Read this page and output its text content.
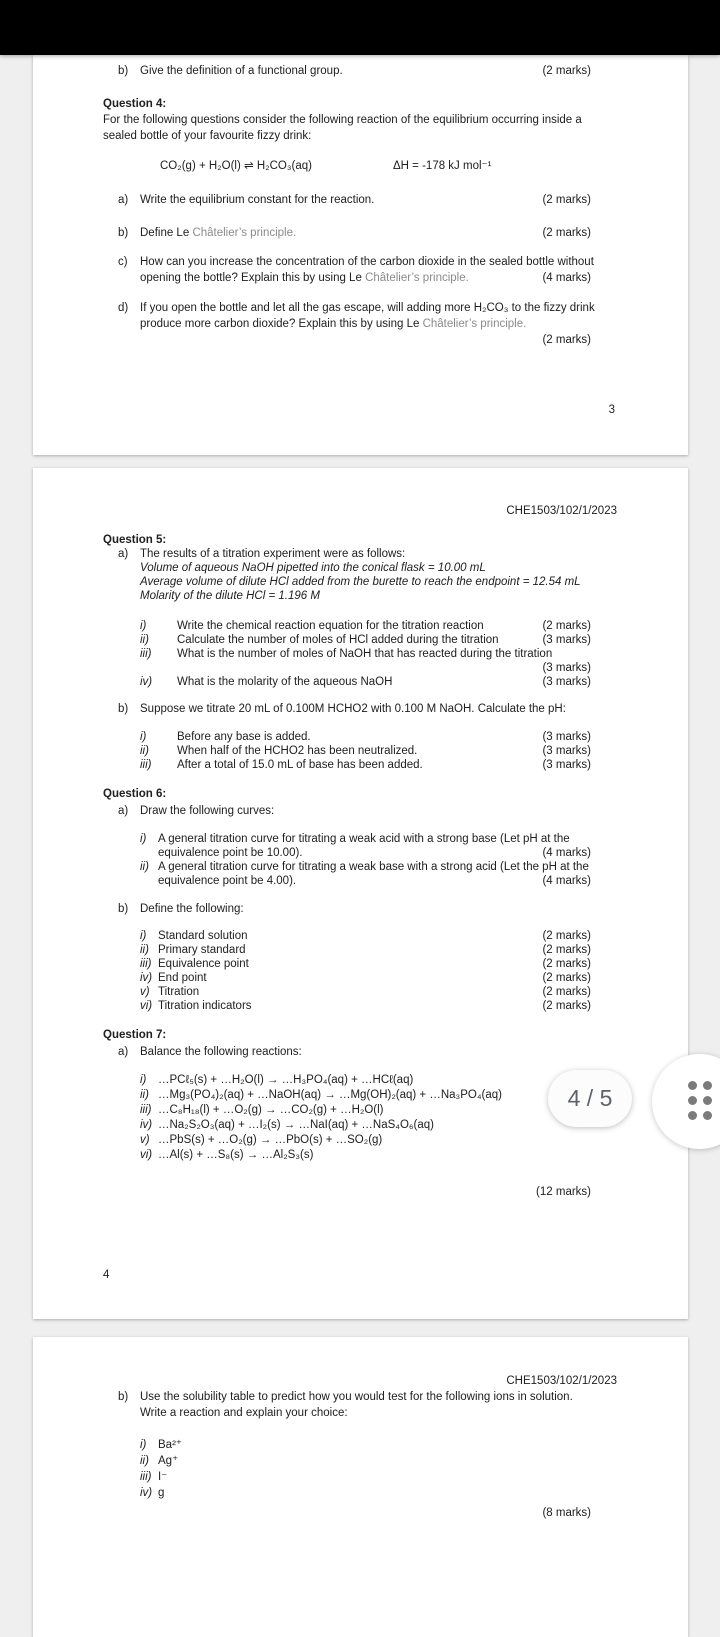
b)	Give the definition of a functional group.	(2 marks)
Question 4:
For the following questions consider the following reaction of the equilibrium occurring inside a
sealed bottle of your favourite fizzy drink:
CO₂(g) + H₂O(l) ⇌ H₂CO₃(aq)	ΔH = -178 kJ mol⁻¹
a)	Write the equilibrium constant for the reaction.	(2 marks)
b)	Define Le Châtelier’s principle.	(2 marks)
c)	How can you increase the concentration of the carbon dioxide in the sealed bottle without
opening the bottle? Explain this by using Le Châtelier’s principle.	(4 marks)
d)	If you open the bottle and let all the gas escape, will adding more H₂CO₃ to the fizzy drink
produce more carbon dioxide? Explain this by using Le Châtelier’s principle.
(2 marks)
3
CHE1503/102/1/2023
Question 5:
a)	The results of a titration experiment were as follows:
Volume of aqueous NaOH pipetted into the conical flask = 10.00 mL
Average volume of dilute HCl added from the burette to reach the endpoint = 12.54 mL
Molarity of the dilute HCl = 1.196 M
i)	Write the chemical reaction equation for the titration reaction	(2 marks)
ii)	Calculate the number of moles of HCl added during the titration	(3 marks)
iii)	What is the number of moles of NaOH that has reacted during the titration
(3 marks)
iv)	What is the molarity of the aqueous NaOH	(3 marks)
b)	Suppose we titrate 20 mL of 0.100M HCHO2 with 0.100 M NaOH. Calculate the pH:
i)	Before any base is added.	(3 marks)
ii)	When half of the HCHO2 has been neutralized.	(3 marks)
iii)	After a total of 15.0 mL of base has been added.	(3 marks)
Question 6:
a)	Draw the following curves:
i)	A general titration curve for titrating a weak acid with a strong base (Let pH at the
equivalence point be 10.00).	(4 marks)
ii) A general titration curve for titrating a weak base with a strong acid (Let the pH at the
equivalence point be 4.00).	(4 marks)
b)	Define the following:
i)	Standard solution	(2 marks)
ii) Primary standard	(2 marks)
iii) Equivalence point	(2 marks)
iv) End point	(2 marks)
v) Titration	(2 marks)
vi) Titration indicators	(2 marks)
Question 7:
a)	Balance the following reactions:
i)	…PCℓ₅(s) + …H₂O(l) → …H₃PO₄(aq) + …HCℓ(aq)
ii) …Mg₃(PO₄)₂(aq) + …NaOH(aq) → …Mg(OH)₂(aq) + …Na₃PO₄(aq)
iii) …C₈H₁₈(l) + …O₂(g) → …CO₂(g) + …H₂O(l)
iv) …Na₂S₂O₃(aq) + …I₂(s) → …NaI(aq) + …NaS₄O₆(aq)
v) …PbS(s) + …O₂(g) → …PbO(s) + …SO₂(g)
vi) …Al(s) + …S₈(s) → …Al₂S₃(s)
(12 marks)
4
CHE1503/102/1/2023
b)	Use the solubility table to predict how you would test for the following ions in solution.
Write a reaction and explain your choice:
i)	Ba²⁺
ii) Ag⁺
iii) I⁻
iv) g
(8 marks)
4 / 5
